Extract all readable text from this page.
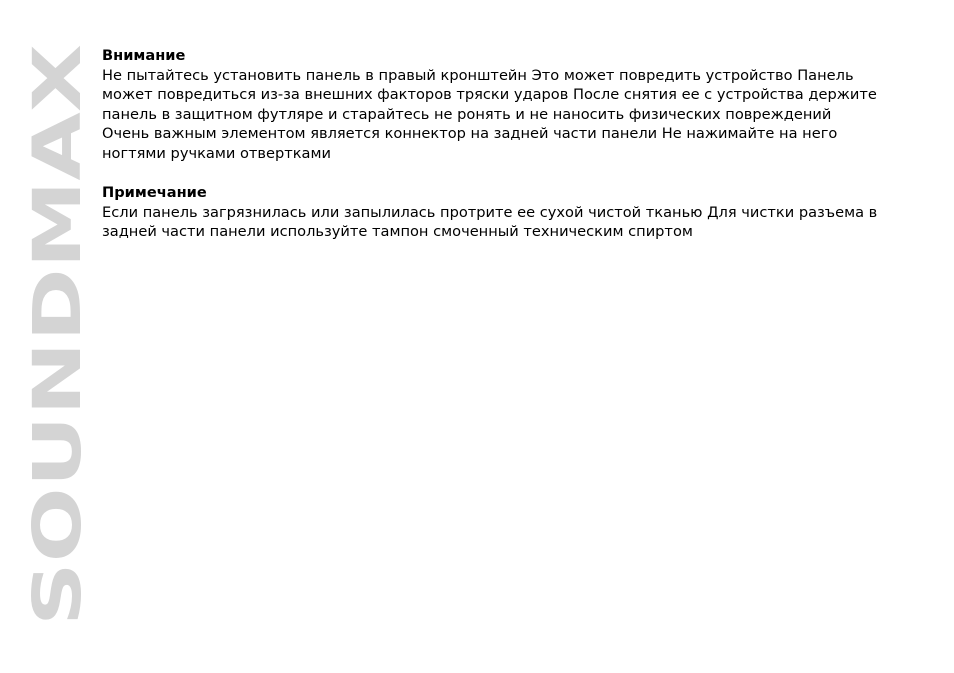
SOUNDMAX

Внимание

Не пытайтесь установить панель в правый кронштейн Это может повредить устройство Панель может повредиться из-за внешних факторов тряски ударов После снятия ее с устройства держите панель в защитном футляре и старайтесь не ронять и не наносить физических повреждений

Очень важным элементом является коннектор на задней части панели Не нажимайте на него ногтями ручками отвертками

Примечание

Если панель загрязнилась или запылилась протрите ее сухой чистой тканью Для чистки разъема в задней части панели используйте тампон смоченный техническим спиртом
